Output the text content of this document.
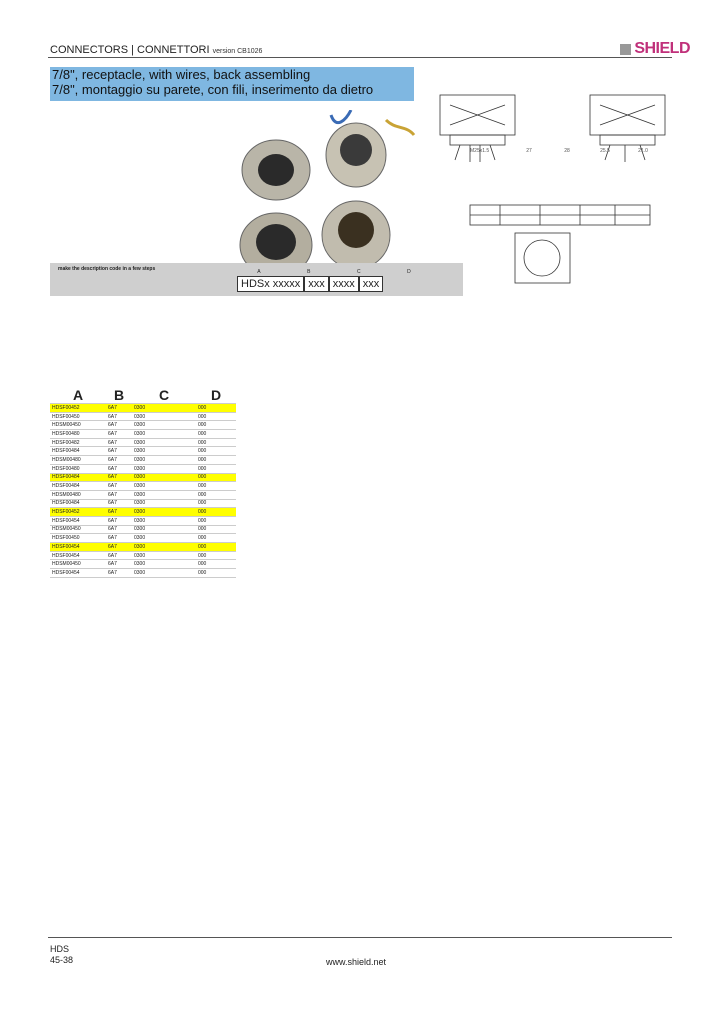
CONNECTORS | CONNETTORI version CB1026	SHIELD
7/8", receptacle, with wires, back assembling
7/8", montaggio su parete, con fili, inserimento da dietro
M25x1.5	27	28	25.5	21.0
make the description code in a few steps	A	B	C	D
HDSx xxxxx xxx xxxx xxx
A	B	C	D
HDSF00452	6A7	0300	000
HDSF00450	6A7	0300	000
HDSM00450	6A7	0300	000
HDSF00480	6A7	0300	000
HDSF00482	6A7	0300	000
HDSF00484	6A7	0300	000
HDSM00480	6A7	0300	000
HDSF00480	6A7	0300	000
HDSF00484	6A7	0300	000
HDSF00484	6A7	0300	000
HDSM00480	6A7	0300	000
HDSF00484	6A7	0300	000
HDSF00452	6A7	0300	000
HDSF00454	6A7	0300	000
HDSM00450	6A7	0300	000
HDSF00450	6A7	0300	000
HDSF00454	6A7	0300	000
HDSF00454	6A7	0300	000
HDSM00450	6A7	0300	000
HDSF00454	6A7	0300	000
HDS
45-38	www.shield.net
